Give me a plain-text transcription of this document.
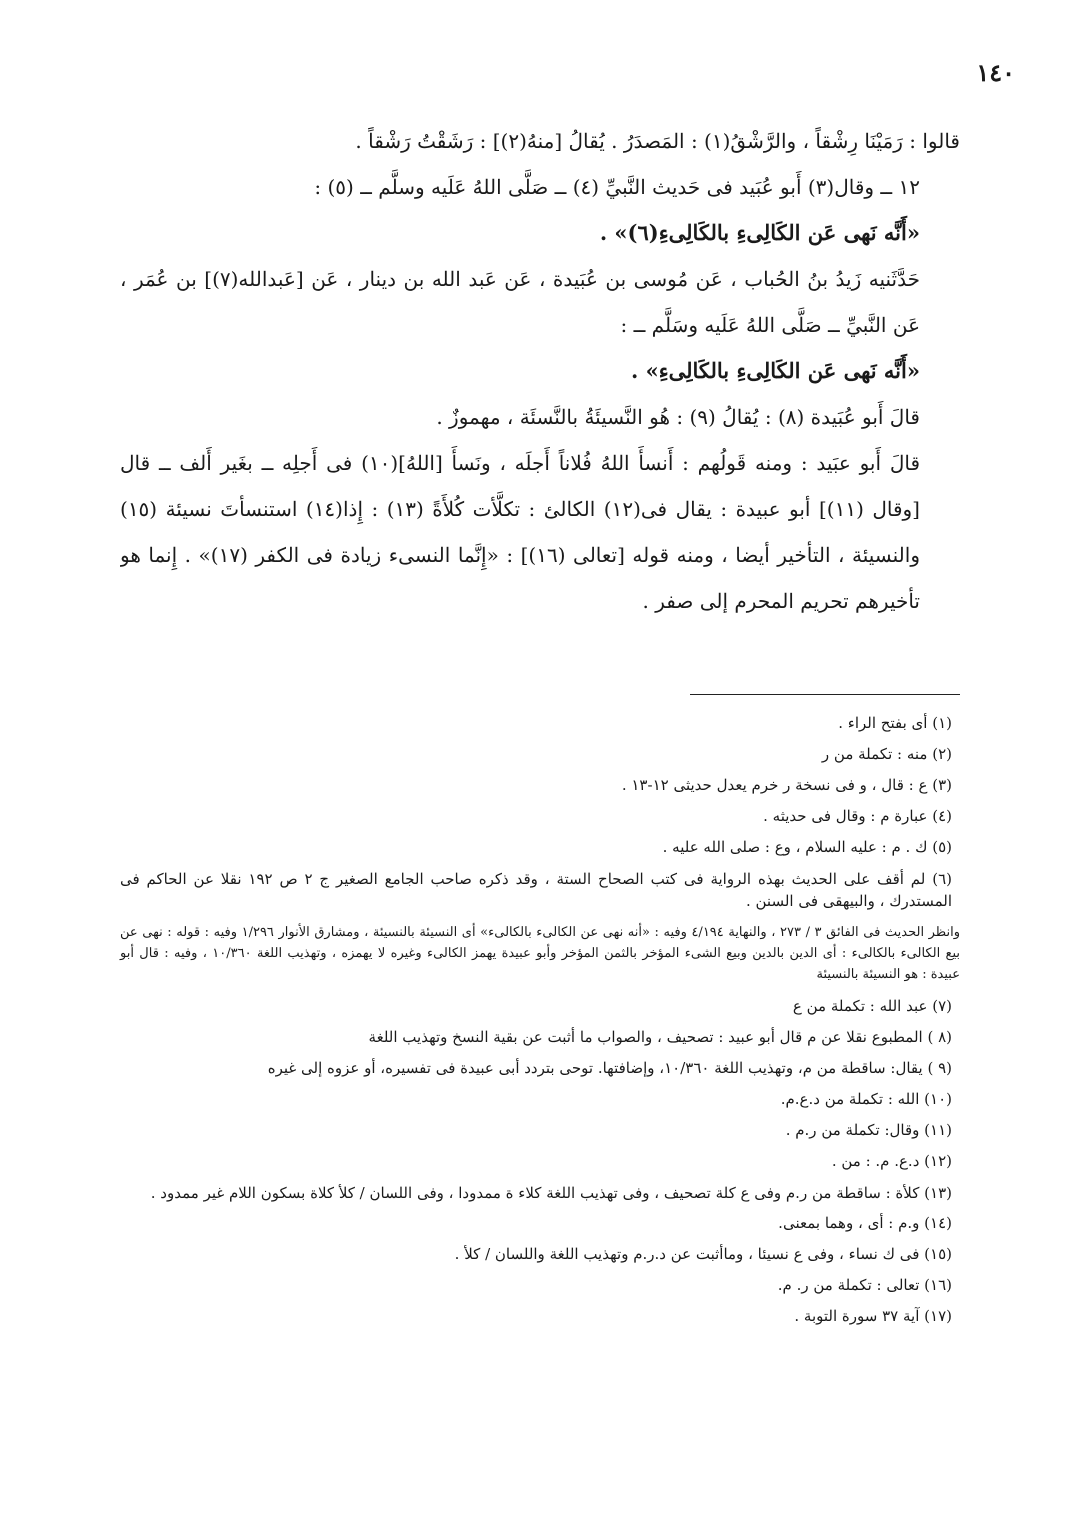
١٤٠

قالوا : رَمَيْنَا رِشْقاً ، والرَّشْقُ(١) : المَصدَرُ . يُقالُ [منهُ(٢)] : رَشَقْتُ رَشْقاً .

١٢ ــ وقال(٣) أَبو عُبَيد فى حَديث النَّبيِّ (٤) ــ صَلَّى اللهُ عَلَيه وسلَّم ــ (٥) :

«أَنَّه نَهى عَن الكَالِىءِ بالكَالِىءِ(٦)» .

حَدَّثَنيه زَيدُ بنُ الحُباب ، عَن مُوسى بن عُبَيدة ، عَن عَبد الله بن دينار ، عَن [عَبدالله(٧)] بن عُمَر ، عَن النَّبيِّ ــ صَلَّى اللهُ عَلَيه وسَلَّم ــ :

«أَنَّه نَهى عَن الكَالِىءِ بالكَالِىءِ» .

قالَ أَبو عُبَيدة (٨) : يُقالُ (٩) : هُو النَّسيئَةُ بالنَّسئَة ، مهموزٌ .

قالَ أَبو عبَيد : ومنه قَولُهم : أَنسأَ اللهُ فُلاناً أَجلَه ، ونَسأَ [اللهُ](١٠) فى أَجلِه ــ بغَير أَلف ــ قال [وقال (١١)] أبو عبيدة : يقال فى(١٢) الكالئ : تكلَّأت كُلأَةً (١٣) : إِذا(١٤) استنسأتَ نسيئة (١٥) والنسيئة ، التأخير أيضا ، ومنه قوله [تعالى (١٦)] : «إِنَّما النسىء زيادة فى الكفر (١٧)» . إِنما هو تأخيرهم تحريم المحرم إلى صفر .

(١) أى بفتح الراء .

(٢) منه : تكملة من ر

(٣) ع : قال ، و فى نسخة ر خرم يعدل حديثى ١٢-١٣ .

(٤) عبارة م : وقال فى حديثه .

(٥) ك . م : عليه السلام ، وع : صلى الله عليه .

(٦) لم أقف على الحديث بهذه الرواية فى كتب الصحاح الستة ، وقد ذكره صاحب الجامع الصغير ج ٢ ص ١٩٢ نقلا عن الحاكم فى المستدرك ، والبيهقى فى السنن .

وانظر الحديث فى الفائق ٣ / ٢٧٣ ، والنهاية ٤/١٩٤ وفيه : «أنه نهى عن الكالىء بالكالىء» أى النسيئة بالنسيئة ، ومشارق الأنوار ١/٢٩٦ وفيه : قوله : نهى عن بيع الكالىء بالكالىء : أى الدين بالدين وبيع الشىء المؤخر بالثمن المؤخر وأبو عبيدة يهمز الكالىء وغيره لا يهمزه ، وتهذيب اللغة ١٠/٣٦٠ ، وفيه : قال أبو عبيدة : هو النسيئة بالنسيئة

(٧) عبد الله : تكملة من ع

(٨ ) المطبوع نقلا عن م قال أبو عبيد : تصحيف ، والصواب ما أثبت عن بقية النسخ وتهذيب اللغة

(٩ ) يقال: ساقطة من م، وتهذيب اللغة ١٠/٣٦٠، وإضافتها. توحى بتردد أبى عبيدة فى تفسيره، أو عزوه إلى غيره

(١٠) الله : تكملة من د.ع.م.

(١١) وقال: تكملة من ر.م .

(١٢) د.ع. م. : من .

(١٣) كلأة : ساقطة من ر.م وفى ع كلة تصحيف ، وفى تهذيب اللغة كلاء ة ممدودا ، وفى اللسان / كلأ كلاة بسكون اللام غير ممدود .

(١٤) و.م : أى ، وهما بمعنى.

(١٥) فى ك نساء ، وفى ع نسيئا ، وماأثبت عن د.ر.م وتهذيب اللغة واللسان / كلأ .

(١٦) تعالى : تكملة من ر. م.

(١٧) آية ٣٧ سورة التوبة .
